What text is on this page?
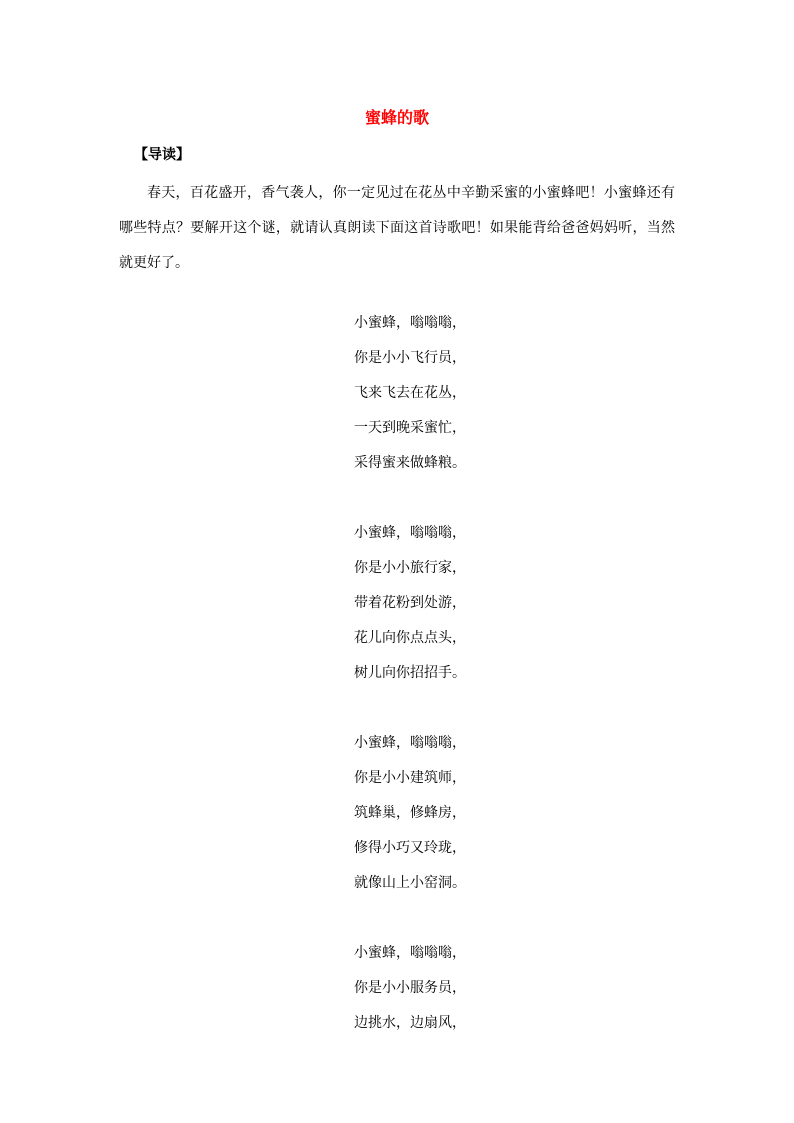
蜜蜂的歌

【导读】

春天，百花盛开，香气袭人，你一定见过在花丛中辛勤采蜜的小蜜蜂吧！小蜜蜂还有哪些特点？要解开这个谜，就请认真朗读下面这首诗歌吧！如果能背给爸爸妈妈听，当然就更好了。

小蜜蜂，嗡嗡嗡，
你是小小飞行员，
飞来飞去在花丛，
一天到晚采蜜忙，
采得蜜来做蜂粮。
小蜜蜂，嗡嗡嗡，
你是小小旅行家，
带着花粉到处游，
花儿向你点点头，
树儿向你招招手。
小蜜蜂，嗡嗡嗡，
你是小小建筑师，
筑蜂巢，修蜂房，
修得小巧又玲珑，
就像山上小窑洞。
小蜜蜂，嗡嗡嗡，
你是小小服务员，
边挑水，边扇风，
